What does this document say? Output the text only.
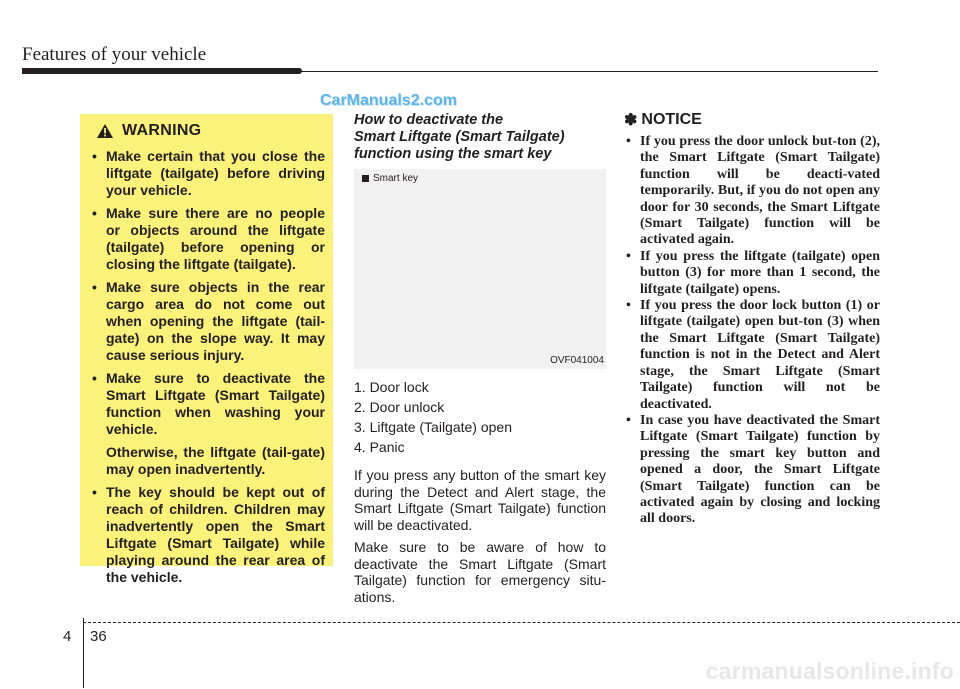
Features of your vehicle
CarManuals2.com
WARNING
• Make certain that you close the liftgate (tailgate) before driving your vehicle.
• Make sure there are no people or objects around the liftgate (tailgate) before opening or closing the liftgate (tailgate).
• Make sure objects in the rear cargo area do not come out when opening the liftgate (tail-gate) on the slope way. It may cause serious injury.
• Make sure to deactivate the Smart Liftgate (Smart Tailgate) function when washing your vehicle.

Otherwise, the liftgate (tail-gate) may open inadvertently.

• The key should be kept out of reach of children. Children may inadvertently open the Smart Liftgate (Smart Tailgate) while playing around the rear area of the vehicle.
How to deactivate the
Smart Liftgate (Smart Tailgate)
function using the smart key
Smart key
OVF041004
1. Door lock
2. Door unlock
3. Liftgate (Tailgate) open
4. Panic

If you press any button of the smart key during the Detect and Alert stage, the Smart Liftgate (Smart Tailgate) function will be deactivated.

Make sure to be aware of how to deactivate the Smart Liftgate (Smart Tailgate) function for emergency situ-ations.

✽ NOTICE
• If you press the door unlock but-ton (2), the Smart Liftgate (Smart Tailgate) function will be deacti-vated temporarily. But, if you do not open any door for 30 seconds, the Smart Liftgate (Smart Tailgate) function will be activated again.
• If you press the liftgate (tailgate) open button (3) for more than 1 second, the liftgate (tailgate) opens.
• If you press the door lock button (1) or liftgate (tailgate) open but-ton (3) when the Smart Liftgate (Smart Tailgate) function is not in the Detect and Alert stage, the Smart Liftgate (Smart Tailgate) function will not be deactivated.
• In case you have deactivated the Smart Liftgate (Smart Tailgate) function by pressing the smart key button and opened a door, the Smart Liftgate (Smart Tailgate) function can be activated again by closing and locking all doors.
4 36
carmanualsonline.info
